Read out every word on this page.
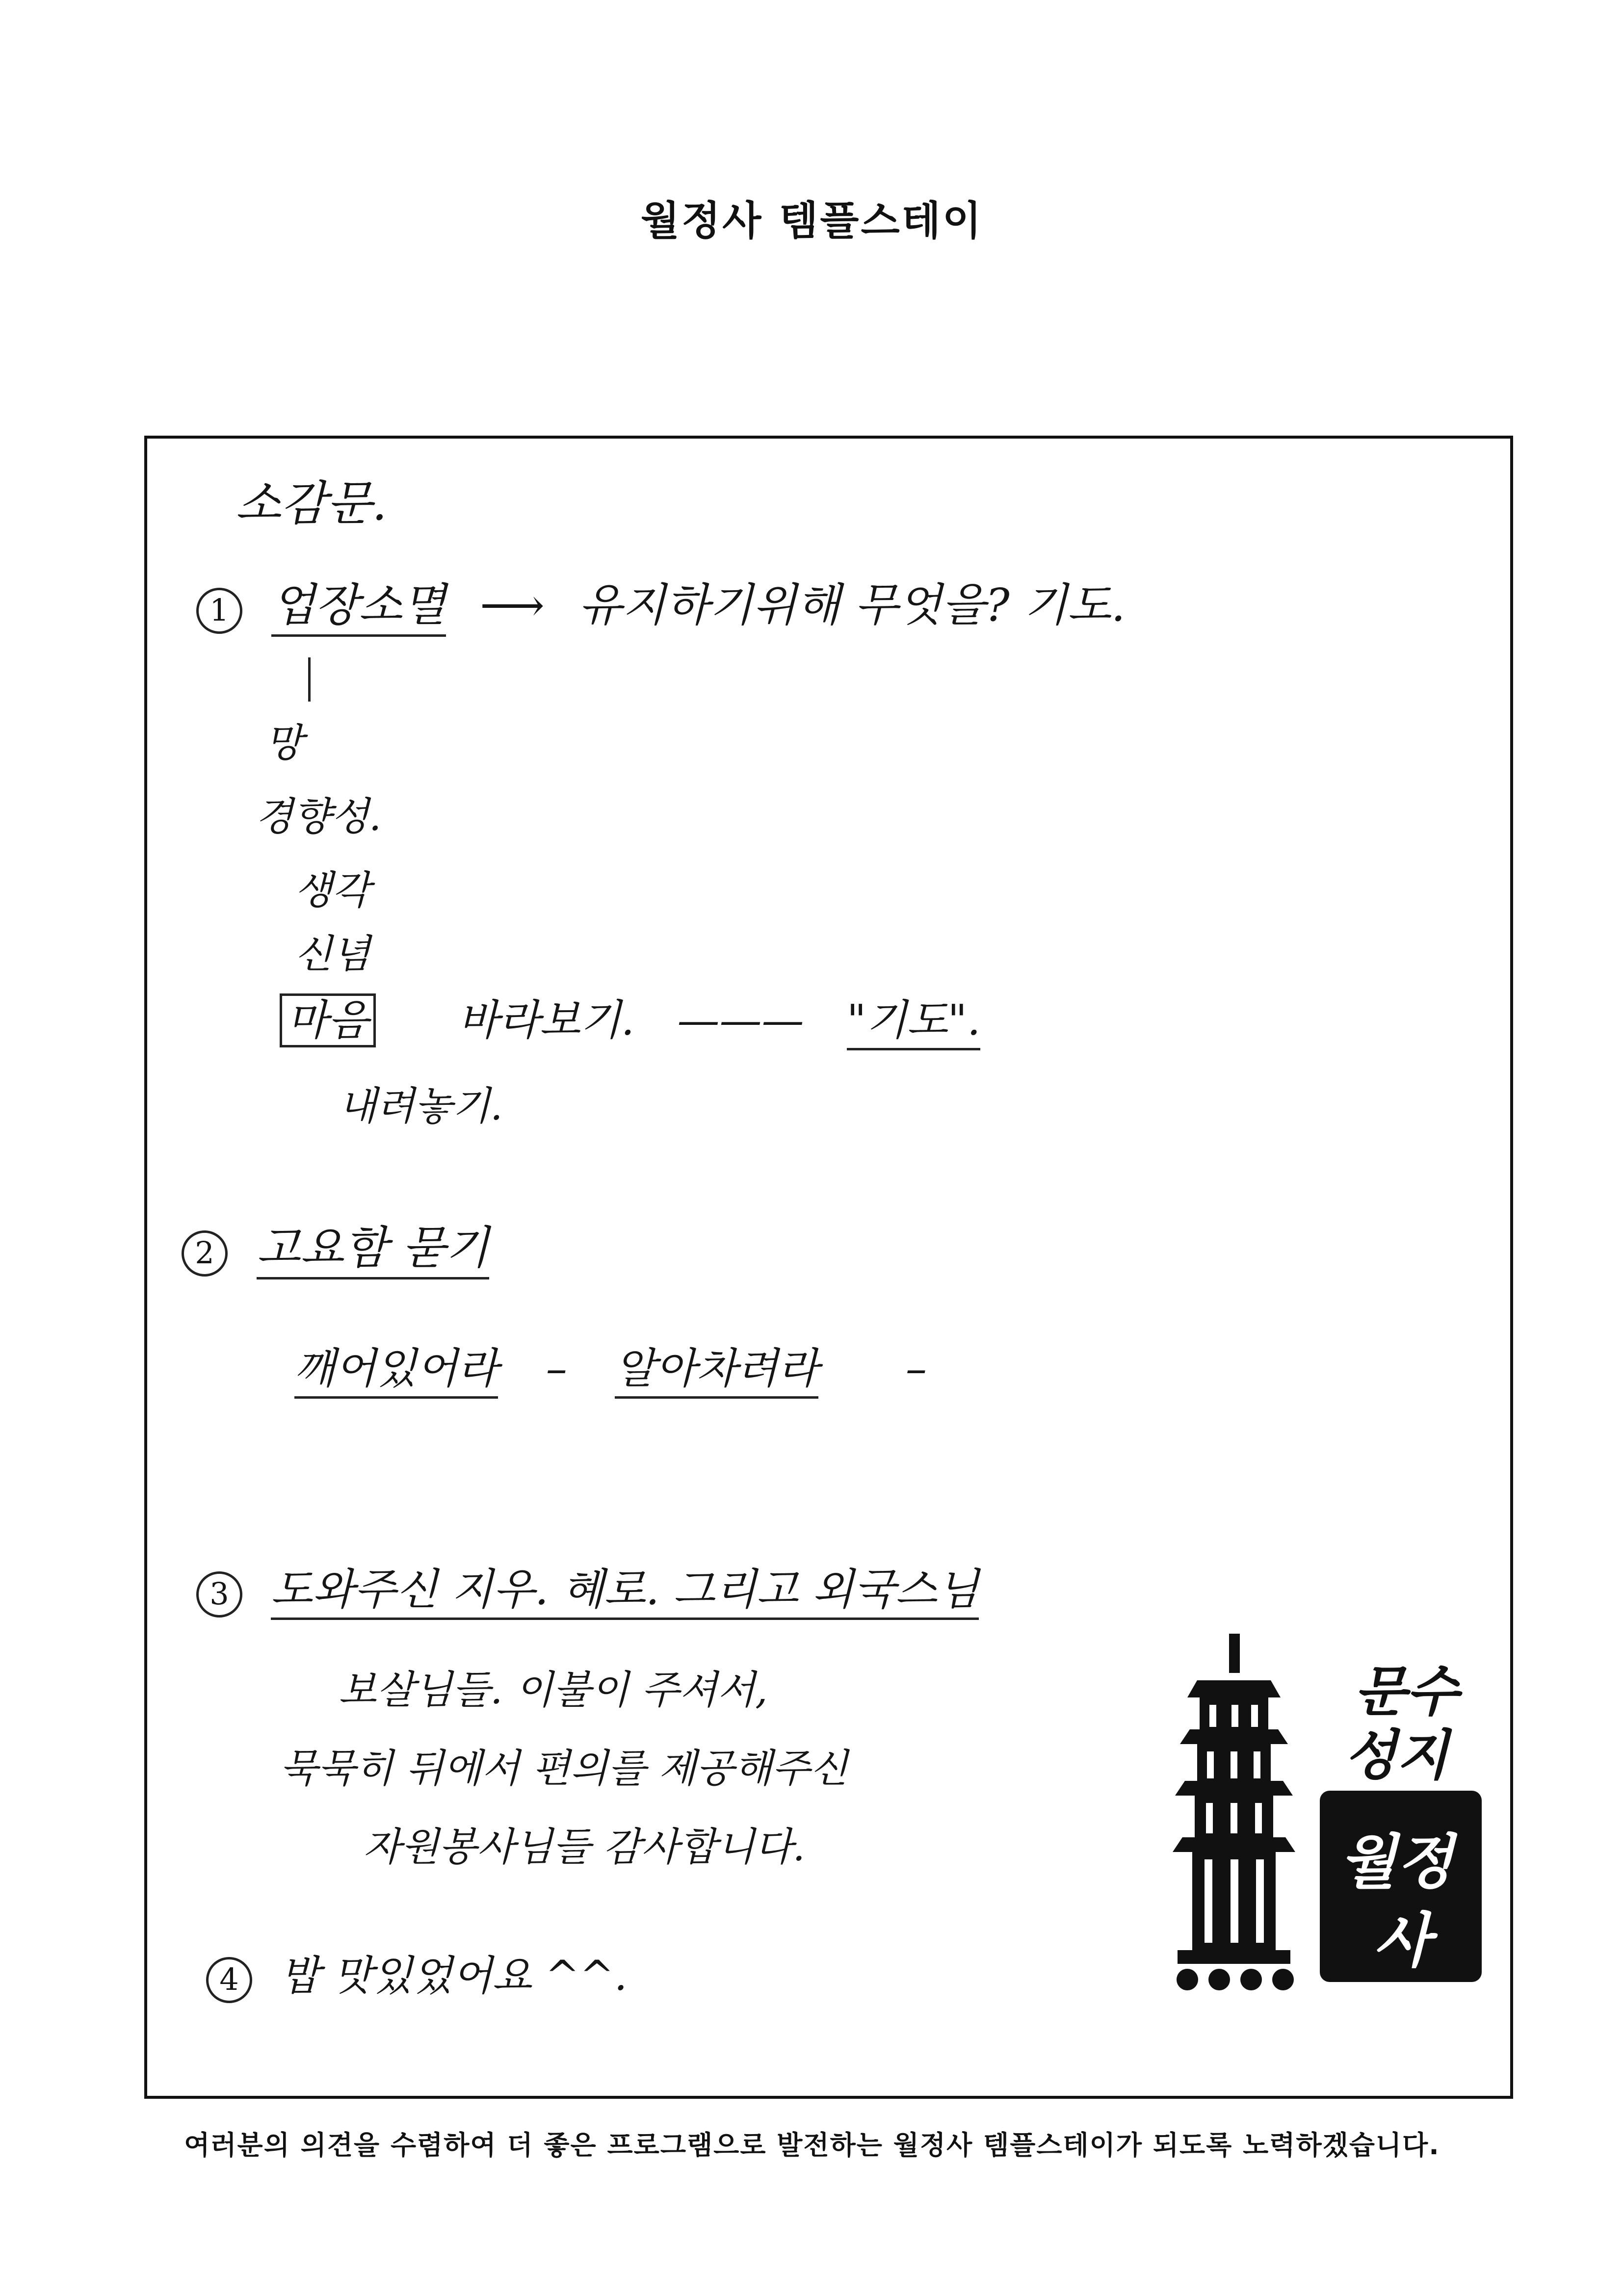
월정사 템플스테이
소감문.
1 업장소멸 ⟶ 유지하기위해 무엇을? 기도.
망
경향성.
생각
신념
마음 바라보기. ——— "기도".
내려놓기.
2 고요함 묻기
깨어있어라 – 알아차려라 –
3 도와주신 지우. 혜로. 그리고 외국스님
보살님들. 이불이 주셔서,
묵묵히 뒤에서 편의를 제공해주신
자원봉사님들 감사합니다.
4 밥 맛있었어요 ^^.
문수
성지
월정
사
여러분의 의견을 수렴하여 더 좋은 프로그램으로 발전하는 월정사 템플스테이가 되도록 노력하겠습니다.
